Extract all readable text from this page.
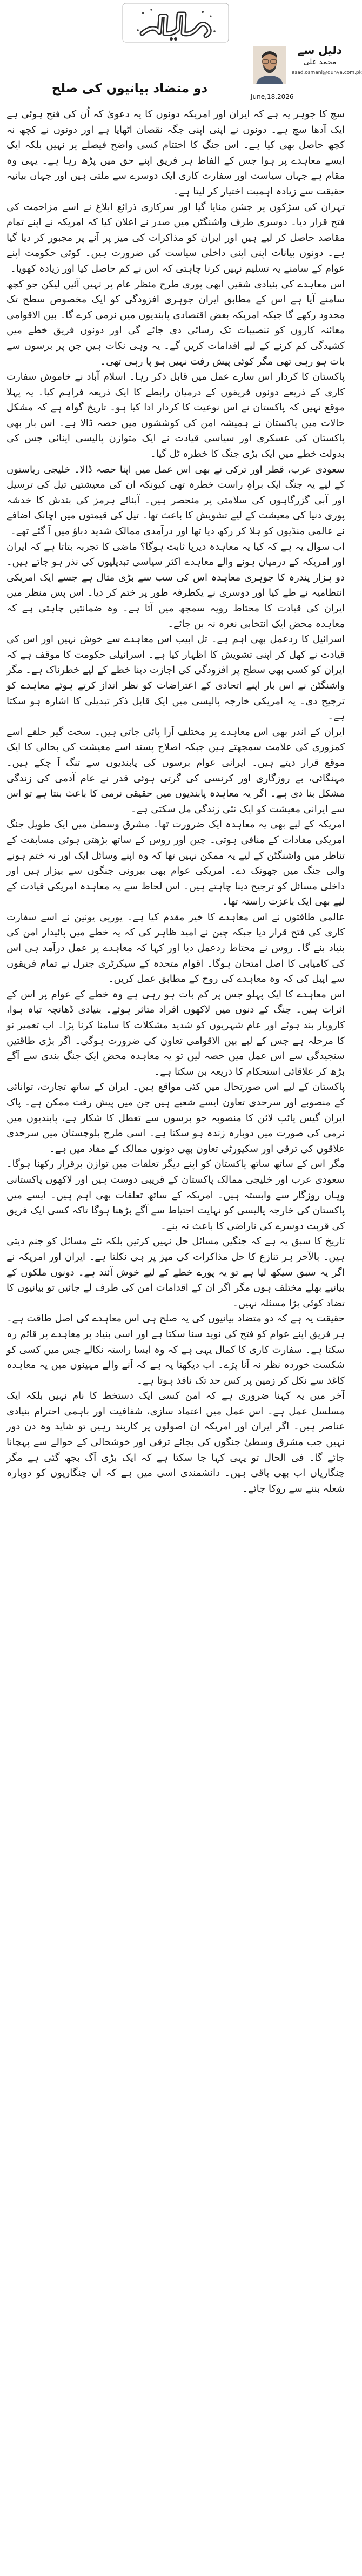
دلیل سے
محمد علی
asad.osmani@dunya.com.pk
June,18,2026
دو متضاد بیانیوں کی صلح

سچ کا جوہر یہ ہے کہ ایران اور امریکہ دونوں کا یہ دعویٰ کہ اُن کی فتح ہوئی ہے ایک آدھا سچ ہے۔ دونوں نے اپنی اپنی جگہ نقصان اٹھایا ہے اور دونوں نے کچھ نہ کچھ حاصل بھی کیا ہے۔ اس جنگ کا اختتام کسی واضح فیصلے پر نہیں بلکہ ایک ایسے معاہدے پر ہوا جس کے الفاظ ہر فریق اپنے حق میں پڑھ رہا ہے۔ یہی وہ مقام ہے جہاں سیاست اور سفارت کاری ایک دوسرے سے ملتی ہیں اور جہاں بیانیہ حقیقت سے زیادہ اہمیت اختیار کر لیتا ہے۔

تہران کی سڑکوں پر جشن منایا گیا اور سرکاری ذرائع ابلاغ نے اسے مزاحمت کی فتح قرار دیا۔ دوسری طرف واشنگٹن میں صدر نے اعلان کیا کہ امریکہ نے اپنے تمام مقاصد حاصل کر لیے ہیں اور ایران کو مذاکرات کی میز پر آنے پر مجبور کر دیا گیا ہے۔ دونوں بیانات اپنی اپنی داخلی سیاست کی ضرورت ہیں۔ کوئی حکومت اپنے عوام کے سامنے یہ تسلیم نہیں کرنا چاہتی کہ اس نے کم حاصل کیا اور زیادہ کھویا۔

اس معاہدے کی بنیادی شقیں ابھی پوری طرح منظر عام پر نہیں آئیں لیکن جو کچھ سامنے آیا ہے اس کے مطابق ایران جوہری افزودگی کو ایک مخصوص سطح تک محدود رکھے گا جبکہ امریکہ بعض اقتصادی پابندیوں میں نرمی کرے گا۔ بین الاقوامی معائنہ کاروں کو تنصیبات تک رسائی دی جائے گی اور دونوں فریق خطے میں کشیدگی کم کرنے کے لیے اقدامات کریں گے۔ یہ وہی نکات ہیں جن پر برسوں سے بات ہو رہی تھی مگر کوئی پیش رفت نہیں ہو پا رہی تھی۔

پاکستان کا کردار اس سارے عمل میں قابل ذکر رہا۔ اسلام آباد نے خاموش سفارت کاری کے ذریعے دونوں فریقوں کے درمیان رابطے کا ایک ذریعہ فراہم کیا۔ یہ پہلا موقع نہیں کہ پاکستان نے اس نوعیت کا کردار ادا کیا ہو۔ تاریخ گواہ ہے کہ مشکل حالات میں پاکستان نے ہمیشہ امن کی کوششوں میں حصہ ڈالا ہے۔ اس بار بھی پاکستان کی عسکری اور سیاسی قیادت نے ایک متوازن پالیسی اپنائی جس کی بدولت خطے میں ایک بڑی جنگ کا خطرہ ٹل گیا۔

سعودی عرب، قطر اور ترکی نے بھی اس عمل میں اپنا حصہ ڈالا۔ خلیجی ریاستوں کے لیے یہ جنگ ایک براہِ راست خطرہ تھی کیونکہ ان کی معیشتیں تیل کی ترسیل اور آبی گزرگاہوں کی سلامتی پر منحصر ہیں۔ آبنائے ہرمز کی بندش کا خدشہ پوری دنیا کی معیشت کے لیے تشویش کا باعث تھا۔ تیل کی قیمتوں میں اچانک اضافے نے عالمی منڈیوں کو ہلا کر رکھ دیا تھا اور درآمدی ممالک شدید دباؤ میں آ گئے تھے۔

اب سوال یہ ہے کہ کیا یہ معاہدہ دیرپا ثابت ہوگا؟ ماضی کا تجربہ بتاتا ہے کہ ایران اور امریکہ کے درمیان ہونے والے معاہدے اکثر سیاسی تبدیلیوں کی نذر ہو جاتے ہیں۔ دو ہزار پندرہ کا جوہری معاہدہ اس کی سب سے بڑی مثال ہے جسے ایک امریکی انتظامیہ نے طے کیا اور دوسری نے یکطرفہ طور پر ختم کر دیا۔ اس پس منظر میں ایران کی قیادت کا محتاط رویہ سمجھ میں آتا ہے۔ وہ ضمانتیں چاہتی ہے کہ معاہدہ محض ایک انتخابی نعرہ نہ بن جائے۔

اسرائیل کا ردعمل بھی اہم ہے۔ تل ابیب اس معاہدے سے خوش نہیں اور اس کی قیادت نے کھل کر اپنی تشویش کا اظہار کیا ہے۔ اسرائیلی حکومت کا موقف ہے کہ ایران کو کسی بھی سطح پر افزودگی کی اجازت دینا خطے کے لیے خطرناک ہے۔ مگر واشنگٹن نے اس بار اپنے اتحادی کے اعتراضات کو نظر انداز کرتے ہوئے معاہدے کو ترجیح دی۔ یہ امریکی خارجہ پالیسی میں ایک قابل ذکر تبدیلی کا اشارہ ہو سکتا ہے۔

ایران کے اندر بھی اس معاہدے پر مختلف آرا پائی جاتی ہیں۔ سخت گیر حلقے اسے کمزوری کی علامت سمجھتے ہیں جبکہ اصلاح پسند اسے معیشت کی بحالی کا ایک موقع قرار دیتے ہیں۔ ایرانی عوام برسوں کی پابندیوں سے تنگ آ چکے ہیں۔ مہنگائی، بے روزگاری اور کرنسی کی گرتی ہوئی قدر نے عام آدمی کی زندگی مشکل بنا دی ہے۔ اگر یہ معاہدہ پابندیوں میں حقیقی نرمی کا باعث بنتا ہے تو اس سے ایرانی معیشت کو ایک نئی زندگی مل سکتی ہے۔

امریکہ کے لیے بھی یہ معاہدہ ایک ضرورت تھا۔ مشرق وسطیٰ میں ایک طویل جنگ امریکی مفادات کے منافی ہوتی۔ چین اور روس کے ساتھ بڑھتی ہوئی مسابقت کے تناظر میں واشنگٹن کے لیے یہ ممکن نہیں تھا کہ وہ اپنے وسائل ایک اور نہ ختم ہونے والی جنگ میں جھونک دے۔ امریکی عوام بھی بیرونی جنگوں سے بیزار ہیں اور داخلی مسائل کو ترجیح دینا چاہتے ہیں۔ اس لحاظ سے یہ معاہدہ امریکی قیادت کے لیے بھی ایک باعزت راستہ تھا۔

عالمی طاقتوں نے اس معاہدے کا خیر مقدم کیا ہے۔ یورپی یونین نے اسے سفارت کاری کی فتح قرار دیا جبکہ چین نے امید ظاہر کی کہ یہ خطے میں پائیدار امن کی بنیاد بنے گا۔ روس نے محتاط ردعمل دیا اور کہا کہ معاہدے پر عمل درآمد ہی اس کی کامیابی کا اصل امتحان ہوگا۔ اقوام متحدہ کے سیکرٹری جنرل نے تمام فریقوں سے اپیل کی کہ وہ معاہدے کی روح کے مطابق عمل کریں۔

اس معاہدے کا ایک پہلو جس پر کم بات ہو رہی ہے وہ خطے کے عوام پر اس کے اثرات ہیں۔ جنگ کے دنوں میں لاکھوں افراد متاثر ہوئے۔ بنیادی ڈھانچہ تباہ ہوا، کاروبار بند ہوئے اور عام شہریوں کو شدید مشکلات کا سامنا کرنا پڑا۔ اب تعمیر نو کا مرحلہ ہے جس کے لیے بین الاقوامی تعاون کی ضرورت ہوگی۔ اگر بڑی طاقتیں سنجیدگی سے اس عمل میں حصہ لیں تو یہ معاہدہ محض ایک جنگ بندی سے آگے بڑھ کر علاقائی استحکام کا ذریعہ بن سکتا ہے۔

پاکستان کے لیے اس صورتحال میں کئی مواقع ہیں۔ ایران کے ساتھ تجارت، توانائی کے منصوبے اور سرحدی تعاون ایسے شعبے ہیں جن میں پیش رفت ممکن ہے۔ پاک ایران گیس پائپ لائن کا منصوبہ جو برسوں سے تعطل کا شکار ہے، پابندیوں میں نرمی کی صورت میں دوبارہ زندہ ہو سکتا ہے۔ اسی طرح بلوچستان میں سرحدی علاقوں کی ترقی اور سکیورٹی تعاون بھی دونوں ممالک کے مفاد میں ہے۔

مگر اس کے ساتھ ساتھ پاکستان کو اپنے دیگر تعلقات میں توازن برقرار رکھنا ہوگا۔ سعودی عرب اور خلیجی ممالک پاکستان کے قریبی دوست ہیں اور لاکھوں پاکستانی وہاں روزگار سے وابستہ ہیں۔ امریکہ کے ساتھ تعلقات بھی اہم ہیں۔ ایسے میں پاکستان کی خارجہ پالیسی کو نہایت احتیاط سے آگے بڑھنا ہوگا تاکہ کسی ایک فریق کی قربت دوسرے کی ناراضی کا باعث نہ بنے۔

تاریخ کا سبق یہ ہے کہ جنگیں مسائل حل نہیں کرتیں بلکہ نئے مسائل کو جنم دیتی ہیں۔ بالآخر ہر تنازع کا حل مذاکرات کی میز پر ہی نکلتا ہے۔ ایران اور امریکہ نے اگر یہ سبق سیکھ لیا ہے تو یہ پورے خطے کے لیے خوش آئند ہے۔ دونوں ملکوں کے بیانیے بھلے مختلف ہوں مگر اگر ان کے اقدامات امن کی طرف لے جائیں تو بیانیوں کا تضاد کوئی بڑا مسئلہ نہیں۔

حقیقت یہ ہے کہ دو متضاد بیانیوں کی یہ صلح ہی اس معاہدے کی اصل طاقت ہے۔ ہر فریق اپنے عوام کو فتح کی نوید سنا سکتا ہے اور اسی بنیاد پر معاہدے پر قائم رہ سکتا ہے۔ سفارت کاری کا کمال یہی ہے کہ وہ ایسا راستہ نکالے جس میں کسی کو شکست خوردہ نظر نہ آنا پڑے۔ اب دیکھنا یہ ہے کہ آنے والے مہینوں میں یہ معاہدہ کاغذ سے نکل کر زمین پر کس حد تک نافذ ہوتا ہے۔

آخر میں یہ کہنا ضروری ہے کہ امن کسی ایک دستخط کا نام نہیں بلکہ ایک مسلسل عمل ہے۔ اس عمل میں اعتماد سازی، شفافیت اور باہمی احترام بنیادی عناصر ہیں۔ اگر ایران اور امریکہ ان اصولوں پر کاربند رہیں تو شاید وہ دن دور نہیں جب مشرق وسطیٰ جنگوں کی بجائے ترقی اور خوشحالی کے حوالے سے پہچانا جائے گا۔ فی الحال تو یہی کہا جا سکتا ہے کہ ایک بڑی آگ بجھ گئی ہے مگر چنگاریاں اب بھی باقی ہیں۔ دانشمندی اسی میں ہے کہ ان چنگاریوں کو دوبارہ شعلہ بننے سے روکا جائے۔
